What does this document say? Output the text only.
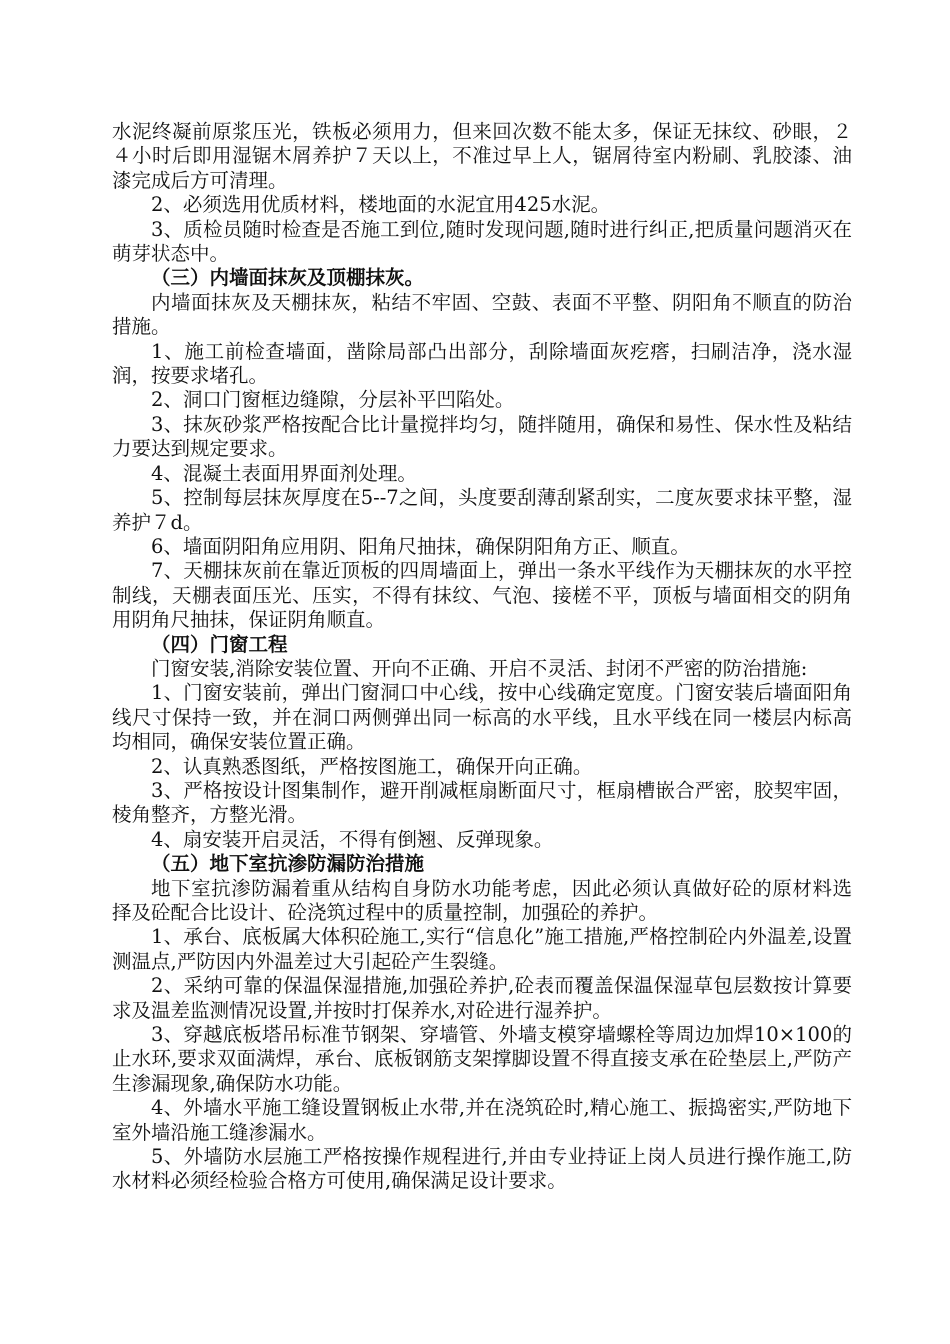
水泥终凝前原浆压光，铁板必须用力，但来回次数不能太多，保证无抹纹、砂眼，２４小时后即用湿锯木屑养护７天以上，不准过早上人，锯屑待室内粉刷、乳胶漆、油漆完成后方可清理。

2、必须选用优质材料，楼地面的水泥宜用425水泥。

3、质检员随时检查是否施工到位,随时发现问题,随时进行纠正,把质量问题消灭在萌芽状态中。

（三）内墙面抹灰及顶棚抹灰。

内墙面抹灰及天棚抹灰，粘结不牢固、空鼓、表面不平整、阴阳角不顺直的防治措施。

1、施工前检查墙面，凿除局部凸出部分，刮除墙面灰疙瘩，扫刷洁净，浇水湿润，按要求堵孔。

2、洞口门窗框边缝隙，分层补平凹陷处。

3、抹灰砂浆严格按配合比计量搅拌均匀，随拌随用，确保和易性、保水性及粘结力要达到规定要求。

4、混凝土表面用界面剂处理。

5、控制每层抹灰厚度在5--7之间，头度要刮薄刮紧刮实，二度灰要求抹平整，湿养护７d。

6、墙面阴阳角应用阴、阳角尺抽抹，确保阴阳角方正、顺直。

7、天棚抹灰前在靠近顶板的四周墙面上，弹出一条水平线作为天棚抹灰的水平控制线，天棚表面压光、压实，不得有抹纹、气泡、接槎不平，顶板与墙面相交的阴角用阴角尺抽抹，保证阴角顺直。

（四）门窗工程

门窗安装,消除安装位置、开向不正确、开启不灵活、封闭不严密的防治措施:

1、门窗安装前，弹出门窗洞口中心线，按中心线确定宽度。门窗安装后墙面阳角线尺寸保持一致，并在洞口两侧弹出同一标高的水平线，且水平线在同一楼层内标高均相同，确保安装位置正确。

2、认真熟悉图纸，严格按图施工，确保开向正确。

3、严格按设计图集制作，避开削减框扇断面尺寸，框扇槽嵌合严密，胶契牢固，棱角整齐，方整光滑。

4、扇安装开启灵活，不得有倒翘、反弹现象。

（五）地下室抗渗防漏防治措施

地下室抗渗防漏着重从结构自身防水功能考虑，因此必须认真做好砼的原材料选择及砼配合比设计、砼浇筑过程中的质量控制，加强砼的养护。

1、承台、底板属大体积砼施工,实行“信息化”施工措施,严格控制砼内外温差,设置测温点,严防因内外温差过大引起砼产生裂缝。

2、采纳可靠的保温保湿措施,加强砼养护,砼表而覆盖保温保湿草包层数按计算要求及温差监测情况设置,并按时打保养水,对砼进行湿养护。

3、穿越底板塔吊标准节钢架、穿墙管、外墙支模穿墙螺栓等周边加焊10×100的止水环,要求双面满焊，承台、底板钢筋支架撑脚设置不得直接支承在砼垫层上,严防产生渗漏现象,确保防水功能。

4、外墙水平施工缝设置钢板止水带,并在浇筑砼时,精心施工、振捣密实,严防地下室外墙沿施工缝渗漏水。

5、外墙防水层施工严格按操作规程进行,并由专业持证上岗人员进行操作施工,防水材料必须经检验合格方可使用,确保满足设计要求。
